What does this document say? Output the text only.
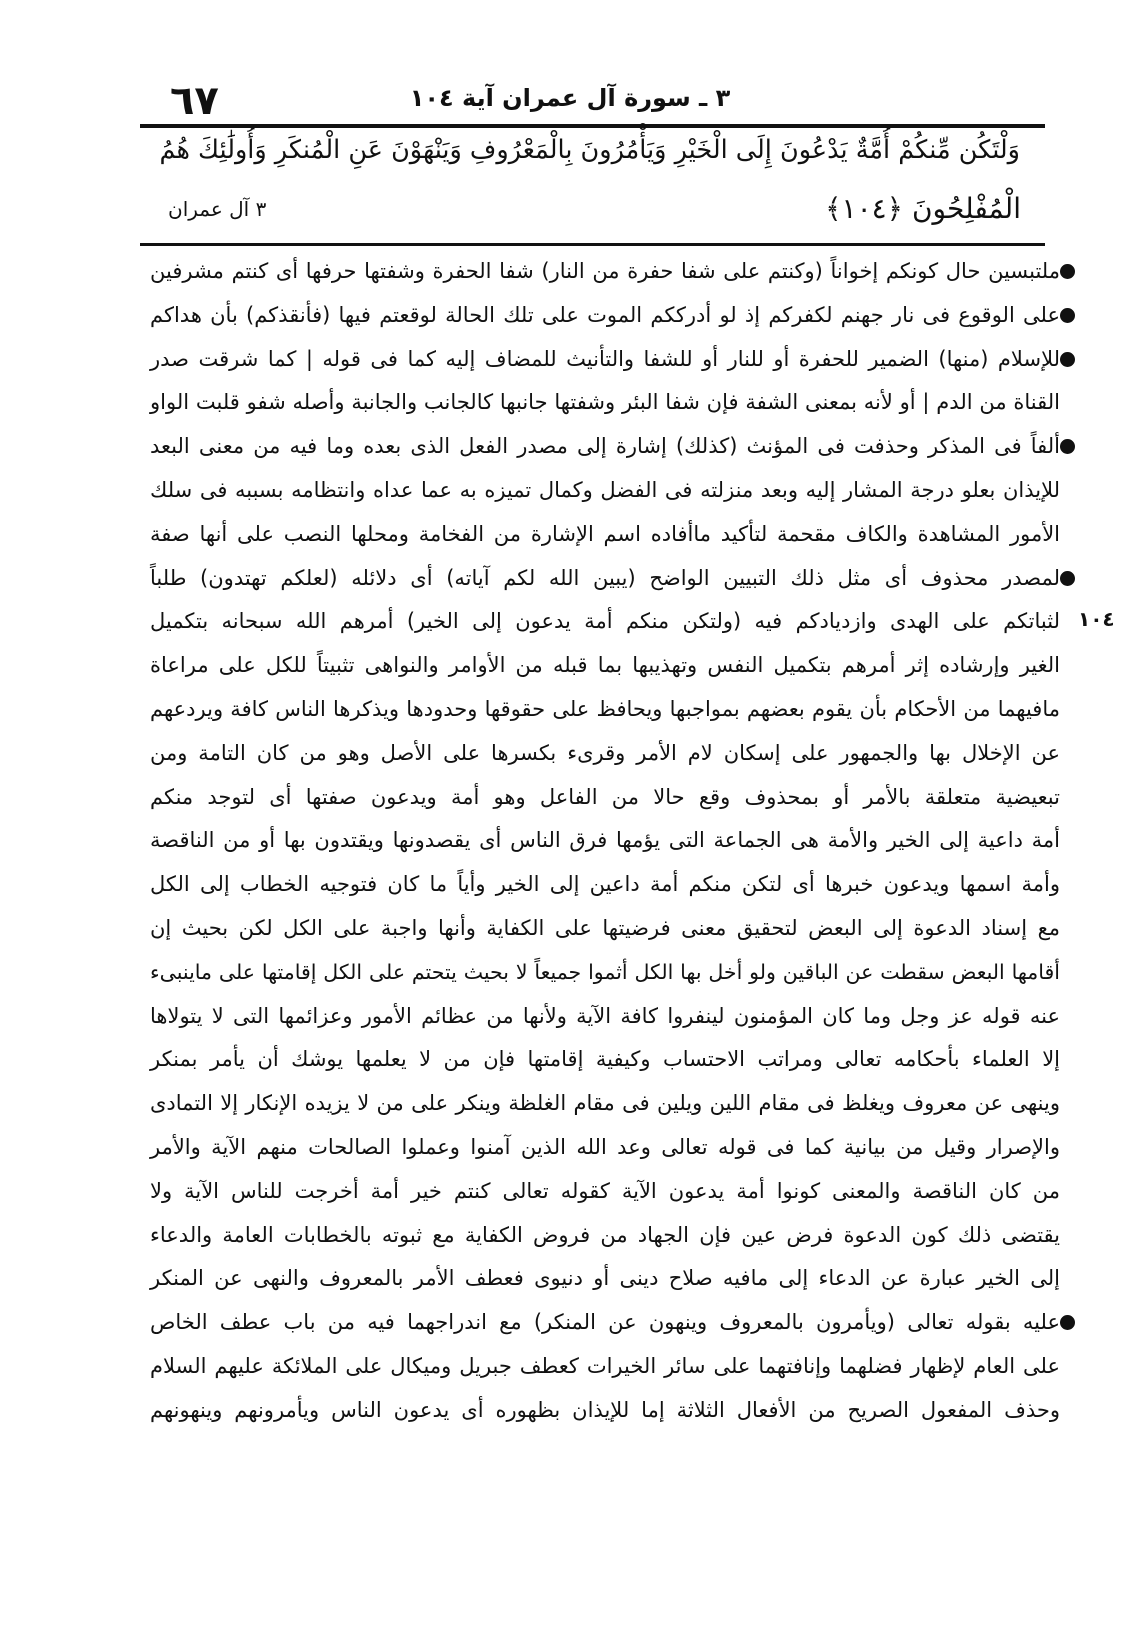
٦٧	٣ ـ سورة آل عمران آية ١٠٤
وَلْتَكُن مِّنكُمْ أُمَّةٌ يَدْعُونَ إِلَى الْخَيْرِ وَيَأْمُرُونَ بِالْمَعْرُوفِ وَيَنْهَوْنَ عَنِ الْمُنكَرِ وَأُولَٰئِكَ هُمُ
الْمُفْلِحُونَ ﴿١٠٤﴾
٣ آل عمران
ملتبسين حال كونكم إخواناً (وكنتم على شفا حفرة من النار) شفا الحفرة وشفتها حرفها أى كنتم مشرفين
على الوقوع فى نار جهنم لكفركم إذ لو أدرككم الموت على تلك الحالة لوقعتم فيها (فأنقذكم) بأن هداكم
للإسلام (منها) الضمير للحفرة أو للنار أو للشفا والتأنيث للمضاف إليه كما فى قوله | كما شرقت صدر
القناة من الدم | أو لأنه بمعنى الشفة فإن شفا البئر وشفتها جانبها كالجانب والجانبة وأصله شفو قلبت الواو
ألفاً فى المذكر وحذفت فى المؤنث (كذلك) إشارة إلى مصدر الفعل الذى بعده وما فيه من معنى البعد
للإيذان بعلو درجة المشار إليه وبعد منزلته فى الفضل وكمال تميزه به عما عداه وانتظامه بسببه فى سلك
الأمور المشاهدة والكاف مقحمة لتأكيد ماأفاده اسم الإشارة من الفخامة ومحلها النصب على أنها صفة
لمصدر محذوف أى مثل ذلك التبيين الواضح (يبين الله لكم آياته) أى دلائله (لعلكم تهتدون) طلباً
لثباتكم على الهدى وازديادكم فيه (ولتكن منكم أمة يدعون إلى الخير) أمرهم الله سبحانه بتكميل
الغير وإرشاده إثر أمرهم بتكميل النفس وتهذيبها بما قبله من الأوامر والنواهى تثبيتاً للكل على مراعاة
مافيهما من الأحكام بأن يقوم بعضهم بمواجبها ويحافظ على حقوقها وحدودها ويذكرها الناس كافة ويردعهم
عن الإخلال بها والجمهور على إسكان لام الأمر وقرىء بكسرها على الأصل وهو من كان التامة ومن
تبعيضية متعلقة بالأمر أو بمحذوف وقع حالا من الفاعل وهو أمة ويدعون صفتها أى لتوجد منكم
أمة داعية إلى الخير والأمة هى الجماعة التى يؤمها فرق الناس أى يقصدونها ويقتدون بها أو من الناقصة
وأمة اسمها ويدعون خبرها أى لتكن منكم أمة داعين إلى الخير وأياً ما كان فتوجيه الخطاب إلى الكل
مع إسناد الدعوة إلى البعض لتحقيق معنى فرضيتها على الكفاية وأنها واجبة على الكل لكن بحيث إن
أقامها البعض سقطت عن الباقين ولو أخل بها الكل أثموا جميعاً لا بحيث يتحتم على الكل إقامتها على ماينبىء
عنه قوله عز وجل وما كان المؤمنون لينفروا كافة الآية ولأنها من عظائم الأمور وعزائمها التى لا يتولاها
إلا العلماء بأحكامه تعالى ومراتب الاحتساب وكيفية إقامتها فإن من لا يعلمها يوشك أن يأمر بمنكر
وينهى عن معروف ويغلظ فى مقام اللين ويلين فى مقام الغلظة وينكر على من لا يزيده الإنكار إلا التمادى
والإصرار وقيل من بيانية كما فى قوله تعالى وعد الله الذين آمنوا وعملوا الصالحات منهم الآية والأمر
من كان الناقصة والمعنى كونوا أمة يدعون الآية كقوله تعالى كنتم خير أمة أخرجت للناس الآية ولا
يقتضى ذلك كون الدعوة فرض عين فإن الجهاد من فروض الكفاية مع ثبوته بالخطابات العامة والدعاء
إلى الخير عبارة عن الدعاء إلى مافيه صلاح دينى أو دنيوى فعطف الأمر بالمعروف والنهى عن المنكر
عليه بقوله تعالى (ويأمرون بالمعروف وينهون عن المنكر) مع اندراجهما فيه من باب عطف الخاص
على العام لإظهار فضلهما وإنافتهما على سائر الخيرات كعطف جبريل وميكال على الملائكة عليهم السلام
وحذف المفعول الصريح من الأفعال الثلاثة إما للإيذان بظهوره أى يدعون الناس ويأمرونهم وينهونهم
١٠٤
